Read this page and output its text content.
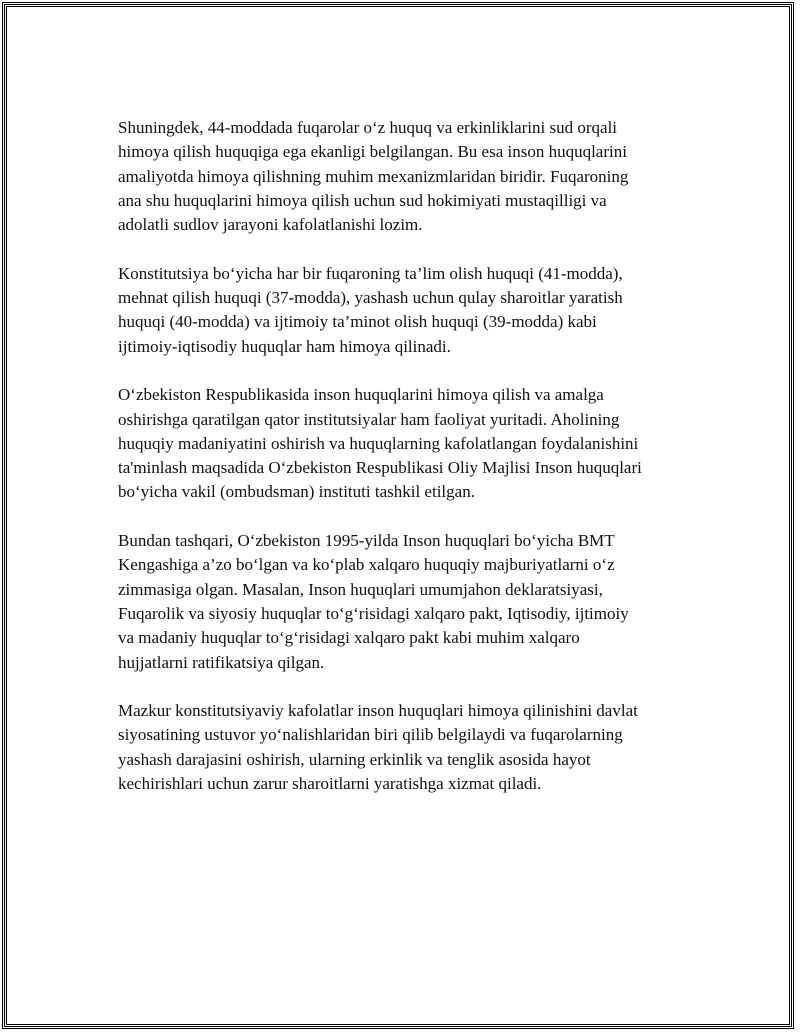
Shuningdek, 44-moddada fuqarolar o‘z huquq va erkinliklarini sud orqali
himoya qilish huquqiga ega ekanligi belgilangan. Bu esa inson huquqlarini
amaliyotda himoya qilishning muhim mexanizmlaridan biridir. Fuqaroning
ana shu huquqlarini himoya qilish uchun sud hokimiyati mustaqilligi va
adolatli sudlov jarayoni kafolatlanishi lozim.

Konstitutsiya bo‘yicha har bir fuqaroning ta’lim olish huquqi (41-modda),
mehnat qilish huquqi (37-modda), yashash uchun qulay sharoitlar yaratish
huquqi (40-modda) va ijtimoiy ta’minot olish huquqi (39-modda) kabi
ijtimoiy-iqtisodiy huquqlar ham himoya qilinadi.

O‘zbekiston Respublikasida inson huquqlarini himoya qilish va amalga
oshirishga qaratilgan qator institutsiyalar ham faoliyat yuritadi. Aholining
huquqiy madaniyatini oshirish va huquqlarning kafolatlangan foydalanishini
ta'minlash maqsadida O‘zbekiston Respublikasi Oliy Majlisi Inson huquqlari
bo‘yicha vakil (ombudsman) instituti tashkil etilgan.

Bundan tashqari, O‘zbekiston 1995-yilda Inson huquqlari bo‘yicha BMT
Kengashiga a’zo bo‘lgan va ko‘plab xalqaro huquqiy majburiyatlarni o‘z
zimmasiga olgan. Masalan, Inson huquqlari umumjahon deklaratsiyasi,
Fuqarolik va siyosiy huquqlar to‘g‘risidagi xalqaro pakt, Iqtisodiy, ijtimoiy
va madaniy huquqlar to‘g‘risidagi xalqaro pakt kabi muhim xalqaro
hujjatlarni ratifikatsiya qilgan.

Mazkur konstitutsiyaviy kafolatlar inson huquqlari himoya qilinishini davlat
siyosatining ustuvor yo‘nalishlaridan biri qilib belgilaydi va fuqarolarning
yashash darajasini oshirish, ularning erkinlik va tenglik asosida hayot
kechirishlari uchun zarur sharoitlarni yaratishga xizmat qiladi.
